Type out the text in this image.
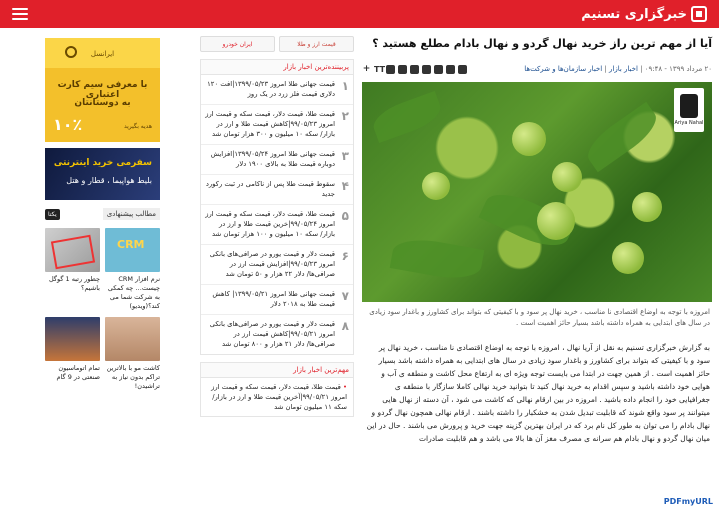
خبرگزاری تسنیم
آیا از مهم ترین راز خرید نهال گردو و نهال بادام مطلع هستید ؟
۲۰ مرداد ۱۳۹۹ - ۰۹:۴۸ | اخبار بازار | اخبار سازمان‌ها و شرکت‌ها
+ TT
Ariya Nahal

امروزه با توجه به اوضاع اقتصادی نا مناسب ، خرید نهال پر سود و با کیفیتی که بتواند برای کشاورز و باغدار سود زیادی در سال های ابتدایی به همراه داشته باشد بسیار حائز اهمیت است .

به گزارش خبرگزاری تسنیم به نقل از آریا نهال ، امروزه با توجه به اوضاع اقتصادی نا مناسب ، خرید نهال پر سود و با کیفیتی که بتواند برای کشاورز و باغدار سود زیادی در سال های ابتدایی به همراه داشته باشد بسیار حائز اهمیت است . از همین جهت در ابتدا می بایست توجه ویژه ای به ارتفاع محل کاشت و منطقه ی آب و هوایی خود داشته باشید و سپس اقدام به خرید نهال کنید تا بتوانید خرید نهالی کاملا سازگار با منطقه ی جغرافیایی خود را انجام داده باشید . امروزه در بین ارقام نهالی که کاشت می شود ، آن دسته از نهال هایی میتوانند پر سود واقع شوند که قابلیت تبدیل شدن به خشکبار را داشته باشند . ارقام نهالی همچون نهال گردو و نهال بادام را می توان به طور کل نام برد که در ایران بهترین گزینه جهت خرید و پرورش می باشند . حال در این میان نهال گردو و نهال بادام هم سرانه ی مصرف مغز آن ها بالا می باشد و هم قابلیت صادرات

قیمت ارز و طلا
ایران خودرو
پربیننده‌ترین اخبار بازار
۱
قیمت جهانی طلا امروز ۱۳۹۹/۰۵/۲۳|افت ۱۲۰ دلاری قیمت فلز زرد در یک روز
۲
قیمت طلا، قیمت دلار، قیمت سکه و قیمت ارز امروز ۹۹/۰۵/۲۳|کاهش قیمت طلا و ارز در بازار/ سکه ۱۰ میلیون و ۳۰۰ هزار تومان شد
۳
قیمت جهانی طلا امروز ۱۳۹۹/۰۵/۲۴|افزایش دوباره قیمت طلا به بالای ۱۹۰۰ دلار
۴
سقوط قیمت طلا پس از ناکامی در ثبت رکورد جدید
۵
قیمت طلا، قیمت دلار، قیمت سکه و قیمت ارز امروز ۹۹/۰۵/۲۴|خرین قیمت طلا و ارز در بازار/ سکه ۱۰ میلیون و ۱۰۰ هزار تومان شد
۶
قیمت دلار و قیمت یورو در صرافی‌های بانکی امروز ۹۹/۰۵/۲۳|افزایش قیمت ارز در صرافی‌ها/ دلار ۲۲ هزار و ۵۰ تومان شد
۷
قیمت جهانی طلا امروز ۱۳۹۹/۰۵/۲۱| کاهش قیمت طلا به ۲۰۱۸ دلار
۸
قیمت دلار و قیمت یورو در صرافی‌های بانکی امروز ۹۹/۰۵/۲۱|کاهش قیمت ارز در صرافی‌ها/ دلار ۲۱ هزار و ۸۰۰ تومان شد
مهم‌ترین اخبار بازار
• قیمت طلا، قیمت دلار، قیمت سکه و قیمت ارز امروز ۹۹/۰۵/۲۱|آخرین قیمت طلا و ارز در بازار/ سکه ۱۱ میلیون تومان شد
ایرانسل
با معرفی سیم کارت اعتباری
به دوستانتان
۱۰٪	هدیه بگیرید
سفرمی خرید اینترنتی
بلیط هواپیما ، قطار و هتل
مطالب پیشنهادی
یکتا
CRM
نرم افزار CRM چیست… چه کمکی به شرکت شما می کند؟(ویدیو)
چطور رتبه 1 گوگل باشیم؟
کاشت مو با بالاترین تراکم بدون نیاز به تراشیدن!
تمام اتوماسیون صنعتی در 9 گام
PDFmyURL
